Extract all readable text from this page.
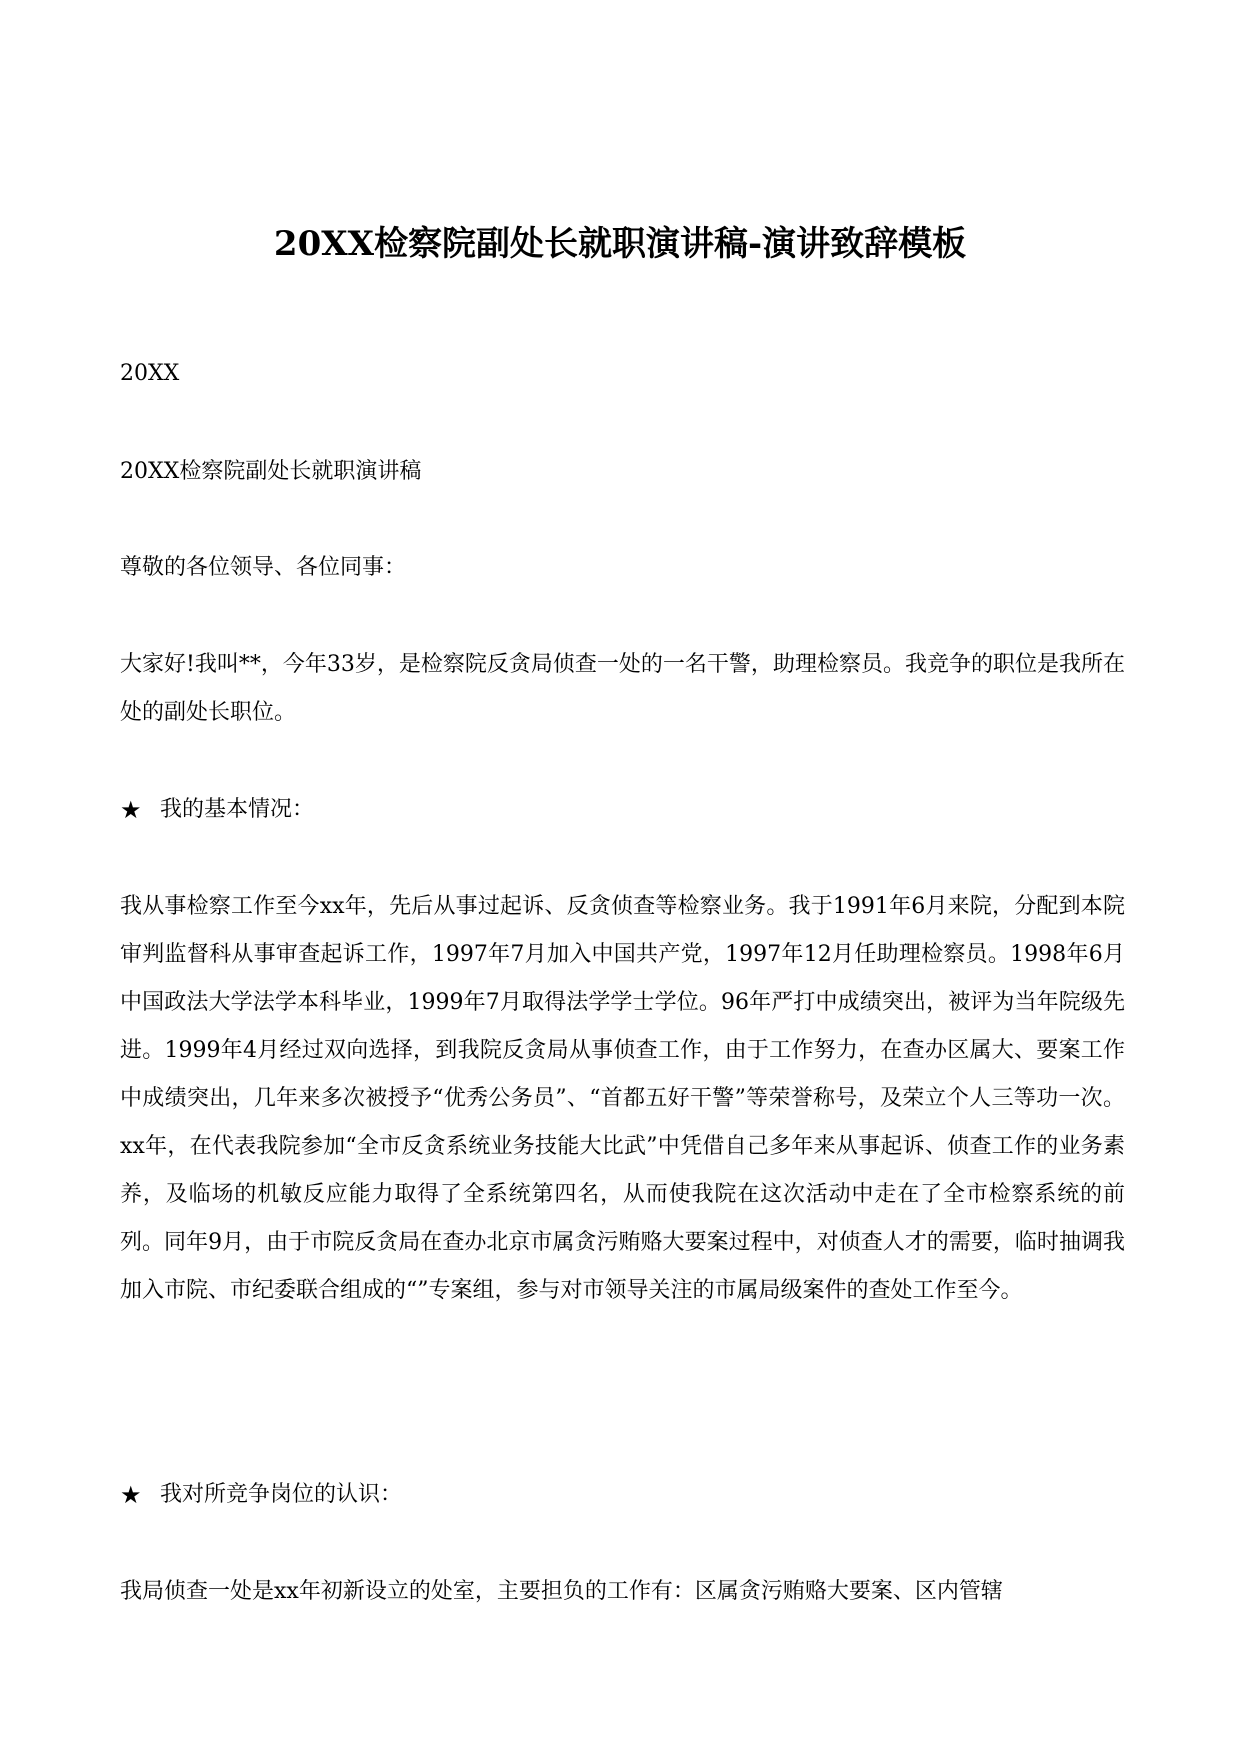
20XX检察院副处长就职演讲稿-演讲致辞模板

20XX

20XX检察院副处长就职演讲稿

尊敬的各位领导、各位同事：

大家好!我叫**，今年33岁，是检察院反贪局侦查一处的一名干警，助理检察员。我竞争的职位是我所在处的副处长职位。

★ 我的基本情况：

我从事检察工作至今xx年，先后从事过起诉、反贪侦查等检察业务。我于1991年6月来院，分配到本院审判监督科从事审查起诉工作，1997年7月加入中国共产党，1997年12月任助理检察员。1998年6月中国政法大学法学本科毕业，1999年7月取得法学学士学位。96年严打中成绩突出，被评为当年院级先进。1999年4月经过双向选择，到我院反贪局从事侦查工作，由于工作努力，在查办区属大、要案工作中成绩突出，几年来多次被授予“优秀公务员”、“首都五好干警”等荣誉称号，及荣立个人三等功一次。xx年，在代表我院参加“全市反贪系统业务技能大比武”中凭借自己多年来从事起诉、侦查工作的业务素养，及临场的机敏反应能力取得了全系统第四名，从而使我院在这次活动中走在了全市检察系统的前列。同年9月，由于市院反贪局在查办北京市属贪污贿赂大要案过程中，对侦查人才的需要，临时抽调我加入市院、市纪委联合组成的“”专案组，参与对市领导关注的市属局级案件的查处工作至今。

★ 我对所竞争岗位的认识：

我局侦查一处是xx年初新设立的处室，主要担负的工作有：区属贪污贿赂大要案、区内管辖
